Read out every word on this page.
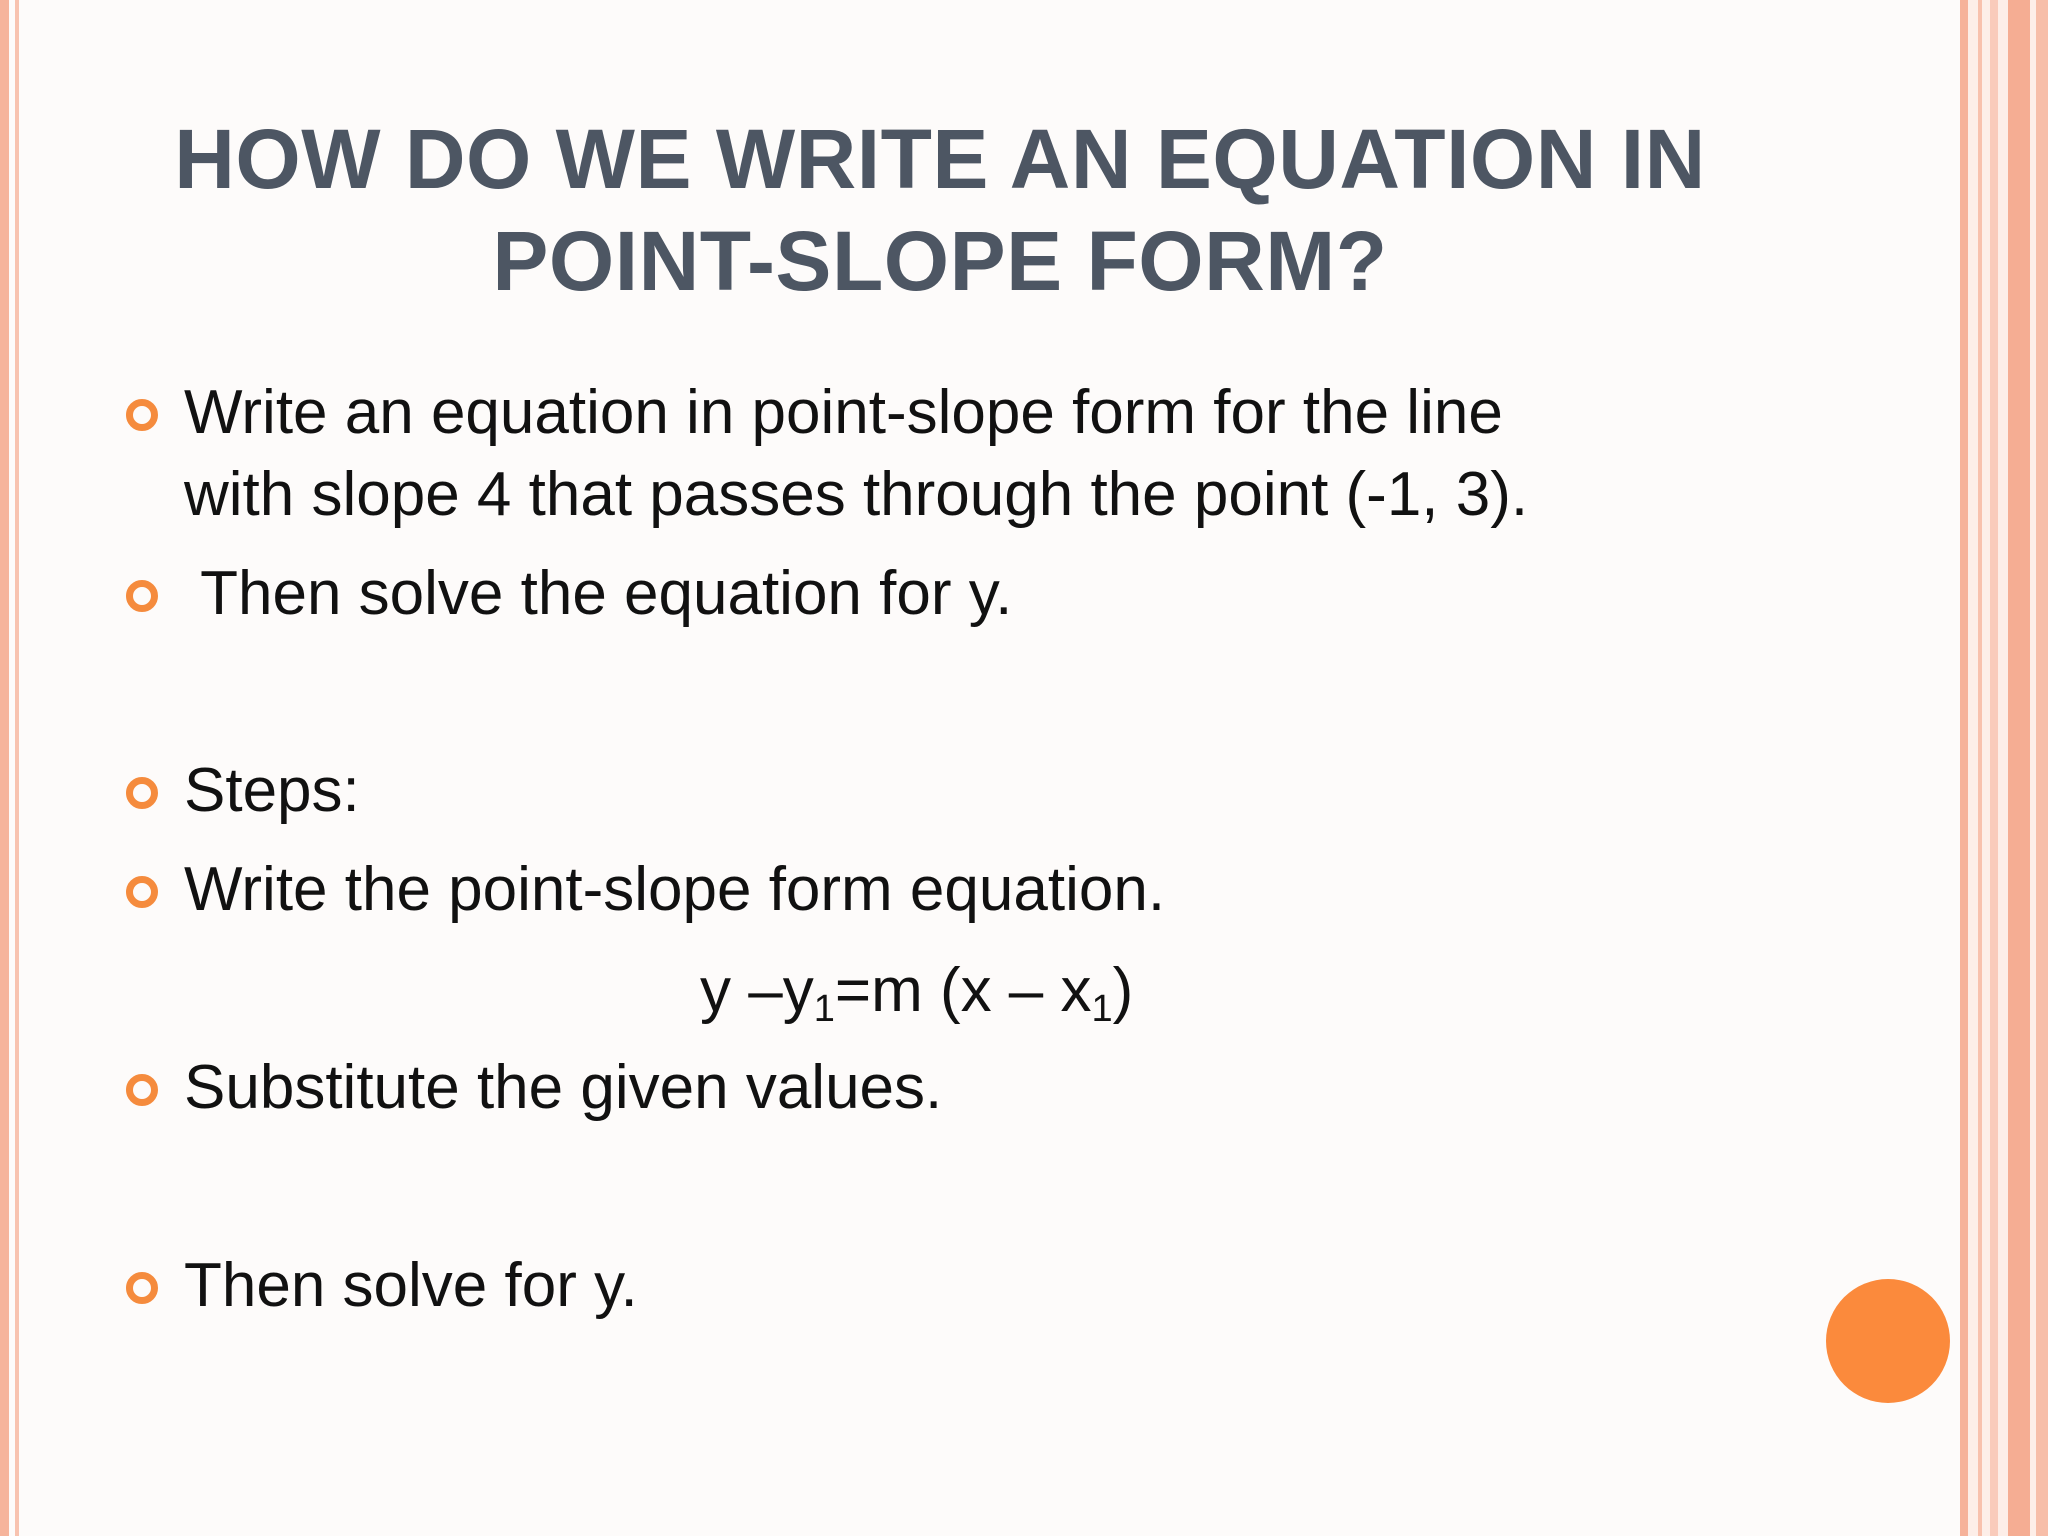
HOW DO WE WRITE AN EQUATION IN
POINT-SLOPE FORM?
Write an equation in point-slope form for the line
with slope 4 that passes through the point (-1, 3).
Then solve the equation for y.
Steps:
Write the point-slope form equation.
y $-y_1=m$ $(x - x_1)$
Substitute the given values.
Then solve for y.
